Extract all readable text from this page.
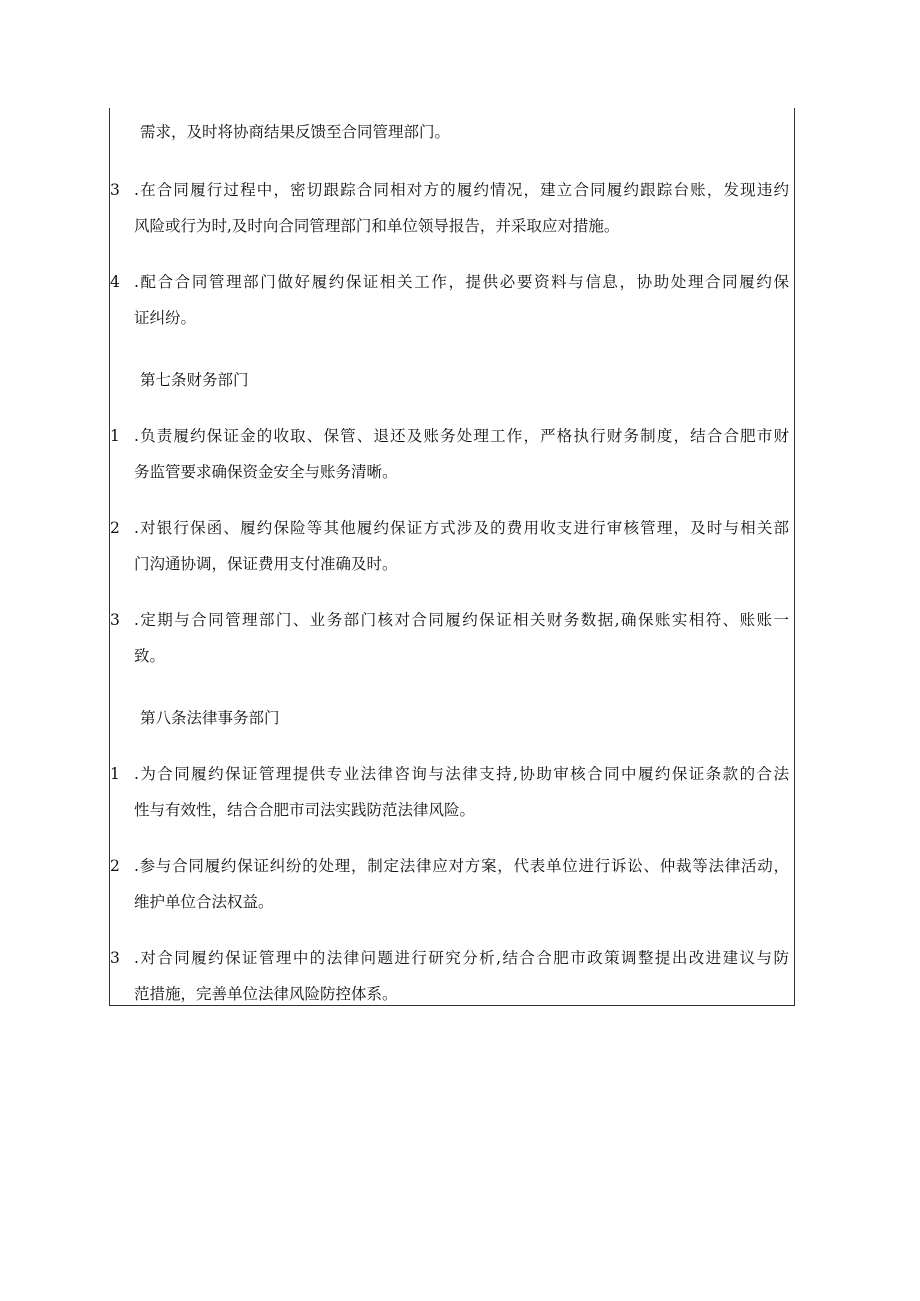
需求，及时将协商结果反馈至合同管理部门。
3 .在合同履行过程中，密切跟踪合同相对方的履约情况，建立合同履约跟踪台账，发现违约
风险或行为时,及时向合同管理部门和单位领导报告，并采取应对措施。
4 .配合合同管理部门做好履约保证相关工作，提供必要资料与信息，协助处理合同履约保
证纠纷。
第七条财务部门
1 .负责履约保证金的收取、保管、退还及账务处理工作，严格执行财务制度，结合合肥市财
务监管要求确保资金安全与账务清晰。
2 .对银行保函、履约保险等其他履约保证方式涉及的费用收支进行审核管理，及时与相关部
门沟通协调，保证费用支付准确及时。
3 .定期与合同管理部门、业务部门核对合同履约保证相关财务数据,确保账实相符、账账一
致。
第八条法律事务部门
1 .为合同履约保证管理提供专业法律咨询与法律支持,协助审核合同中履约保证条款的合法
性与有效性，结合合肥市司法实践防范法律风险。
2 .参与合同履约保证纠纷的处理，制定法律应对方案，代表单位进行诉讼、仲裁等法律活动，
维护单位合法权益。
3 .对合同履约保证管理中的法律问题进行研究分析,结合合肥市政策调整提出改进建议与防
范措施，完善单位法律风险防控体系。
